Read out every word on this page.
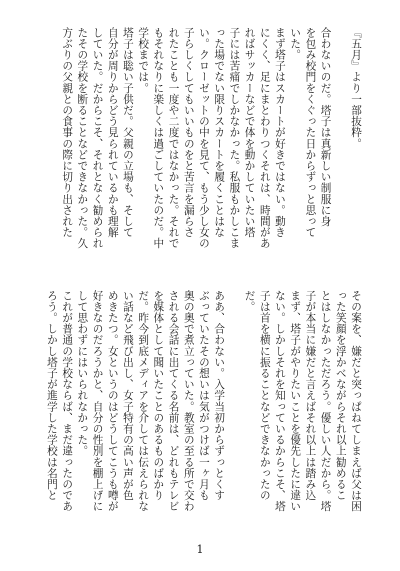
『五月』より一部抜粋。

合わないのだ。塔子は真新しい制服に身
を包み校門をくぐった日からずっと思って
いた。
まず塔子はスカートが好きではない。動き
にくく、足にまとわりつくそれは、時間があ
ればサッカーなどで体を動かしていたい塔
子には苦痛でしかなかった。私服もかしこま
った場でない限りスカートを履くことはな
い。クローゼットの中を見て、もう少し女の
子らしくしてもいいものをと苦言を漏らさ
れたことも一度や二度ではなかった。それで
もそれなりに楽しくは過ごしていたのだ。中
学校までは。
塔子は聡い子供だ。父親の立場も、そして
自分が周りからどう見られているかも理解
していた。だからこそ、それとなく勧められ
たその学校を断ることなどできなかった。久
方ぶりの父親との食事の際に切り出された
その案を、嫌だと突っぱねてしまえば父は困
った笑顔を浮かべながらそれ以上勧めるこ
とはしなかっただろう。優しい人だから。塔
子が本当に嫌だと言えばそれ以上は踏み込
まず、塔子がやりたいことを優先したに違い
ない。しかしそれを知っているからこそ、塔
子は首を横に振ることなどできなかったの
だ。

ああ、合わない。入学当初からずっとくす
ぶっていたその想いは気がつけば一ヶ月も
奥の奥で煮立っていた。教室の至る所で交わ
される会話に出てくる名前は、どれもテレビ
を媒体として聞いたことのあるものばかり
だ。昨今到底メディアを介しては伝えられな
い話など飛び出し、女子特有の高い声が色
めきたつ。女というのはどうしてこうも噂が
好きなのだろうかと、自分の性別を棚上げに
して思わずにはいられなかった。
これが普通の学校ならば、まだ違ったのであ
ろう。しかし塔子が進学した学校は名門と
1
